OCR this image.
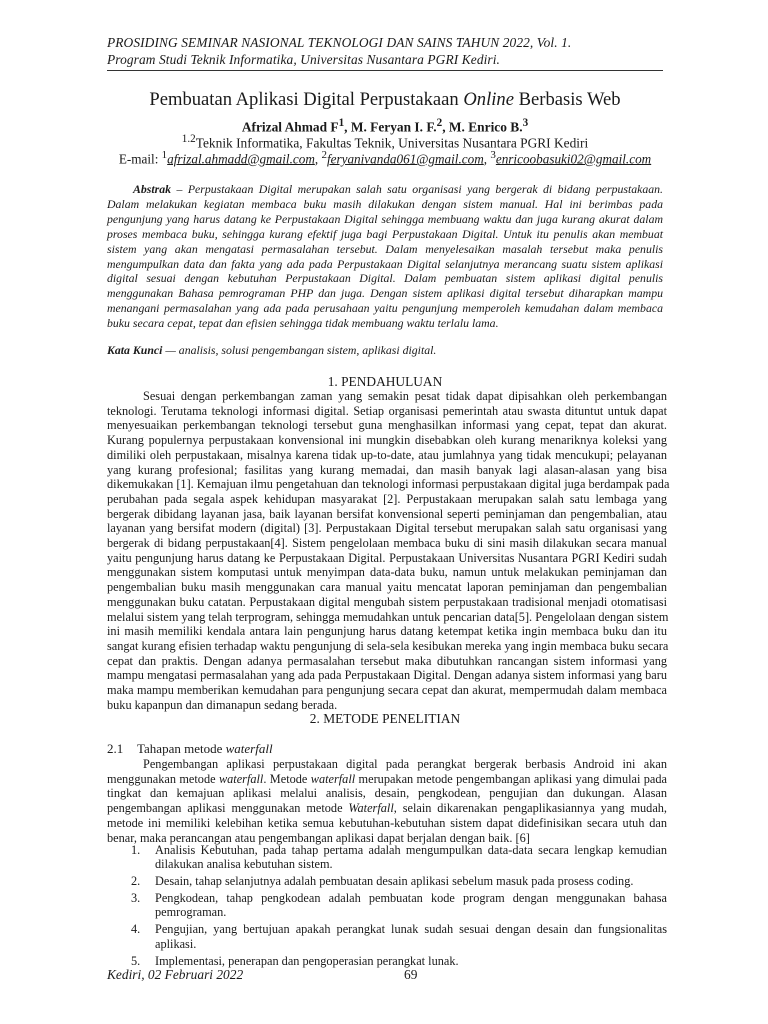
PROSIDING SEMINAR NASIONAL TEKNOLOGI DAN SAINS TAHUN 2022, Vol. 1.
Program Studi Teknik Informatika, Universitas Nusantara PGRI Kediri.
Pembuatan Aplikasi Digital Perpustakaan Online Berbasis Web
Afrizal Ahmad $F^1$, M. Feryan I. F.$^2$, M. Enrico B.$^3$
$^{1.2}$Teknik Informatika, Fakultas Teknik, Universitas Nusantara PGRI Kediri
E-mail: $^1$afrizal.ahmadd@gmail.com, $^2$feryanivanda061@gmail.com, $^3$enricoobasuki02@gmail.com
Abstrak – Perpustakaan Digital merupakan salah satu organisasi yang bergerak di bidang perpustakaan. Dalam melakukan kegiatan membaca buku masih dilakukan dengan sistem manual. Hal ini berimbas pada pengunjung yang harus datang ke Perpustakaan Digital sehingga membuang waktu dan juga kurang akurat dalam proses membaca buku, sehingga kurang efektif juga bagi Perpustakaan Digital. Untuk itu penulis akan membuat sistem yang akan mengatasi permasalahan tersebut. Dalam menyelesaikan masalah tersebut maka penulis mengumpulkan data dan fakta yang ada pada Perpustakaan Digital selanjutnya merancang suatu sistem aplikasi digital sesuai dengan kebutuhan Perpustakaan Digital. Dalam pembuatan sistem aplikasi digital penulis menggunakan Bahasa pemrograman PHP dan juga. Dengan sistem aplikasi digital tersebut diharapkan mampu menangani permasalahan yang ada pada perusahaan yaitu pengunjung memperoleh kemudahan dalam membaca buku secara cepat, tepat dan efisien sehingga tidak membuang waktu terlalu lama.
Kata Kunci — analisis, solusi pengembangan sistem, aplikasi digital.
1. PENDAHULUAN
Sesuai dengan perkembangan zaman yang semakin pesat tidak dapat dipisahkan oleh perkembangan
teknologi. Terutama teknologi informasi digital. Setiap organisasi pemerintah atau swasta dituntut untuk dapat
menyesuaikan perkembangan teknologi tersebut guna menghasilkan informasi yang cepat, tepat dan akurat.
Kurang populernya perpustakaan konvensional ini mungkin disebabkan oleh kurang menariknya koleksi yang
dimiliki oleh perpustakaan, misalnya karena tidak up-to-date, atau jumlahnya yang tidak mencukupi; pelayanan
yang kurang profesional; fasilitas yang kurang memadai, dan masih banyak lagi alasan-alasan yang bisa
dikemukakan [1]. Kemajuan ilmu pengetahuan dan teknologi informasi perpustakaan digital juga berdampak pada
perubahan pada segala aspek kehidupan masyarakat [2]. Perpustakaan merupakan salah satu lembaga yang
bergerak dibidang layanan jasa, baik layanan bersifat konvensional seperti peminjaman dan pengembalian, atau
layanan yang bersifat modern (digital) [3]. Perpustakaan Digital tersebut merupakan salah satu organisasi yang
bergerak di bidang perpustakaan[4]. Sistem pengelolaan membaca buku di sini masih dilakukan secara manual
yaitu pengunjung harus datang ke Perpustakaan Digital. Perpustakaan Universitas Nusantara PGRI Kediri sudah
menggunakan sistem komputasi untuk menyimpan data-data buku, namun untuk melakukan peminjaman dan
pengembalian buku masih menggunakan cara manual yaitu mencatat laporan peminjaman dan pengembalian
menggunakan buku catatan. Perpustakaan digital mengubah sistem perpustakaan tradisional menjadi otomatisasi
melalui sistem yang telah terprogram, sehingga memudahkan untuk pencarian data[5]. Pengelolaan dengan sistem
ini masih memiliki kendala antara lain pengunjung harus datang ketempat ketika ingin membaca buku dan itu
sangat kurang efisien terhadap waktu pengunjung di sela-sela kesibukan mereka yang ingin membaca buku secara
cepat dan praktis. Dengan adanya permasalahan tersebut maka dibutuhkan rancangan sistem informasi yang
mampu mengatasi permasalahan yang ada pada Perpustakaan Digital. Dengan adanya sistem informasi yang baru
maka mampu memberikan kemudahan para pengunjung secara cepat dan akurat, mempermudah dalam membaca
buku kapanpun dan dimanapun sedang berada.
2. METODE PENELITIAN
2.1 Tahapan metode waterfall
Pengembangan aplikasi perpustakaan digital pada perangkat bergerak berbasis Android ini akan
menggunakan metode waterfall. Metode waterfall merupakan metode pengembangan aplikasi yang dimulai pada
tingkat dan kemajuan aplikasi melalui analisis, desain, pengkodean, pengujian dan dukungan. Alasan
pengembangan aplikasi menggunakan metode Waterfall, selain dikarenakan pengaplikasiannya yang mudah,
metode ini memiliki kelebihan ketika semua kebutuhan-kebutuhan sistem dapat didefinisikan secara utuh dan
benar, maka perancangan atau pengembangan aplikasi dapat berjalan dengan baik. [6]
1. Analisis Kebutuhan, pada tahap pertama adalah mengumpulkan data-data secara lengkap kemudian dilakukan analisa kebutuhan sistem.
2. Desain, tahap selanjutnya adalah pembuatan desain aplikasi sebelum masuk pada prosess coding.
3. Pengkodean, tahap pengkodean adalah pembuatan kode program dengan menggunakan bahasa pemrograman.
4. Pengujian, yang bertujuan apakah perangkat lunak sudah sesuai dengan desain dan fungsionalitas aplikasi.
5. Implementasi, penerapan dan pengoperasian perangkat lunak.
Kediri, 02 Februari 2022	69
